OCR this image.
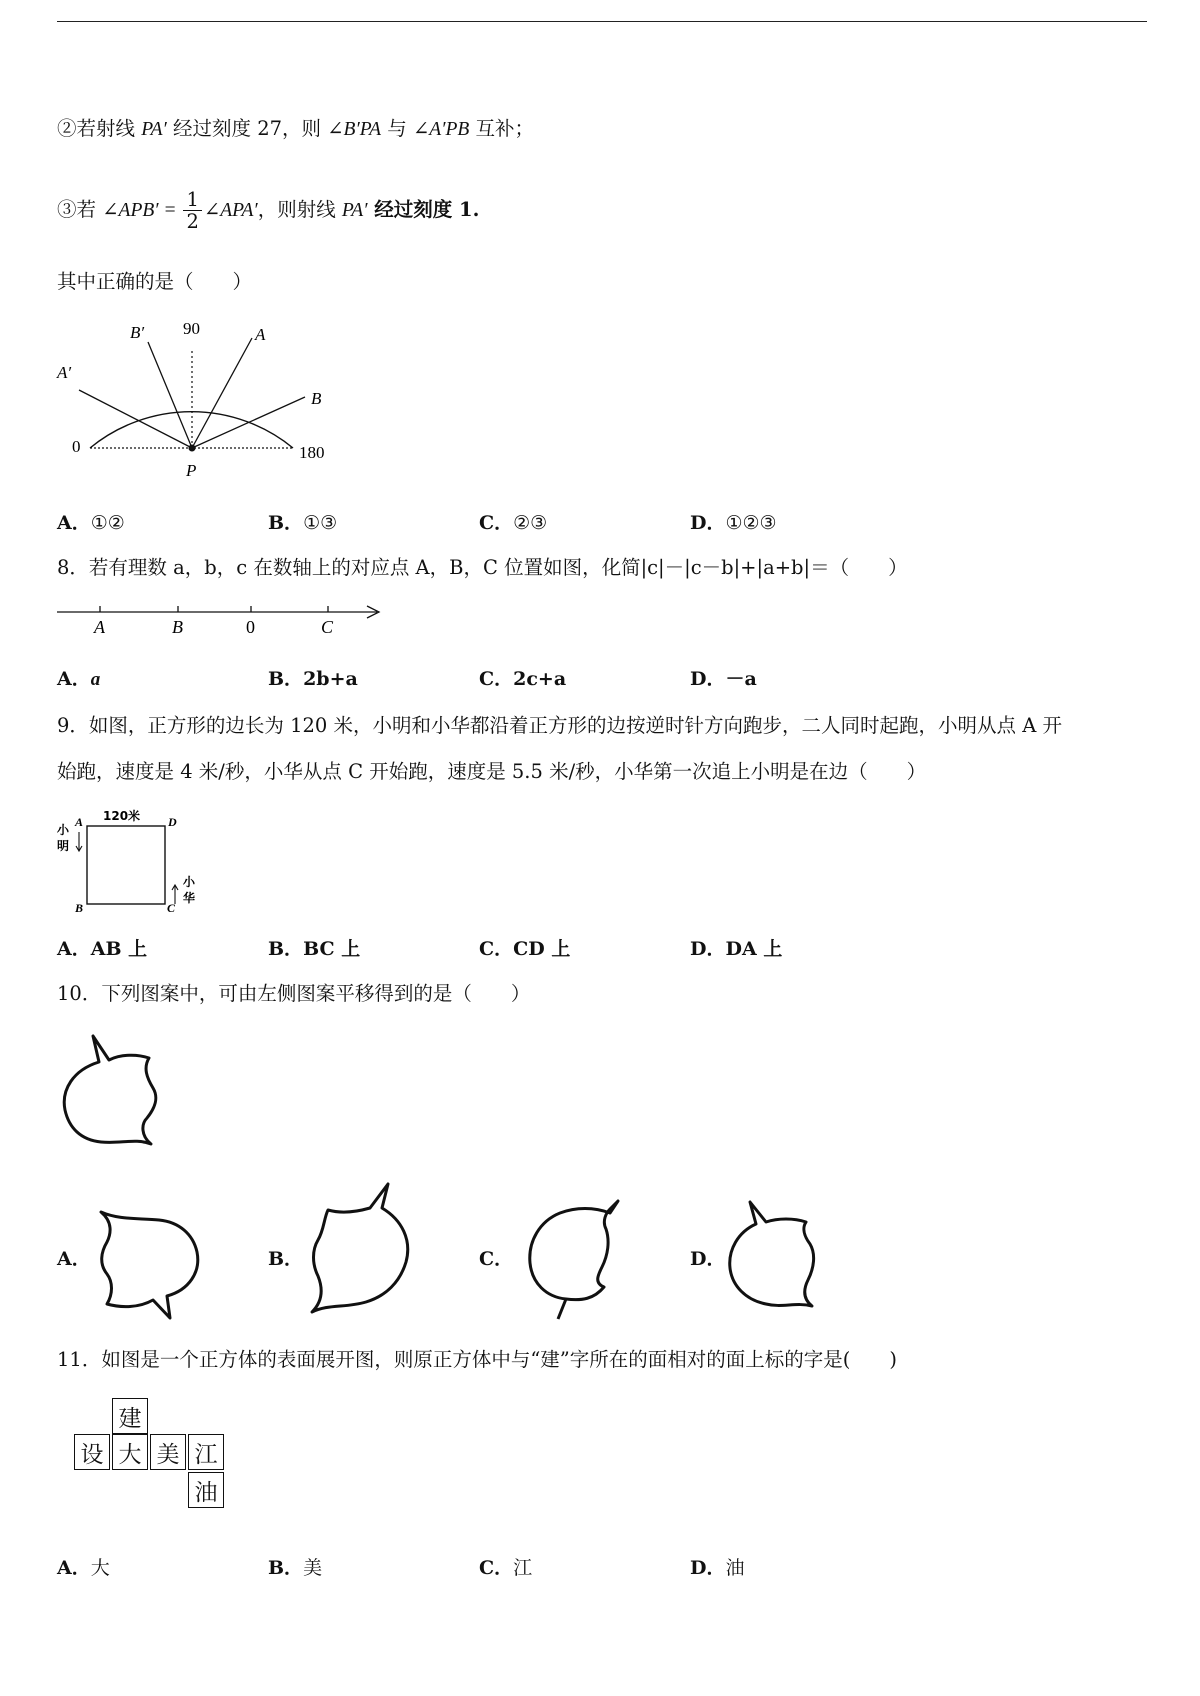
②若射线 PA′ 经过刻度 27，则 ∠B′PA 与 ∠A′PB 互补；
③若 ∠APB′ = $\frac{1}{2}$ ∠APA′，则射线 PA′ 经过刻度 1.
其中正确的是（　　）
B′ 90	A
A′
B
0	180
P
A．①②	B．①③	C．②③	D．①②③
8．若有理数 a，b，c 在数轴上的对应点 A，B，C 位置如图，化简|c|－|c－b|+|a+b|＝（　　）
A	B	0	C
A．a	B．2b+a	C．2c+a	D．－a
9．如图，正方形的边长为 120 米，小明和小华都沿着正方形的边按逆时针方向跑步，二人同时起跑，小明从点 A 开
始跑，速度是 4 米/秒，小华从点 C 开始跑，速度是 5.5 米/秒，小华第一次追上小明是在边（　　）
120米
小
明
小
华
A
B	C
D
A．AB 上	B．BC 上	C．CD 上	D．DA 上
10．下列图案中，可由左侧图案平移得到的是（　　）
A．	B．	C．	D．
11．如图是一个正方体的表面展开图，则原正方体中与“建”字所在的面相对的面上标的字是(　　)
建
设 大 美 江
油
A．大	B．美	C．江	D．油
